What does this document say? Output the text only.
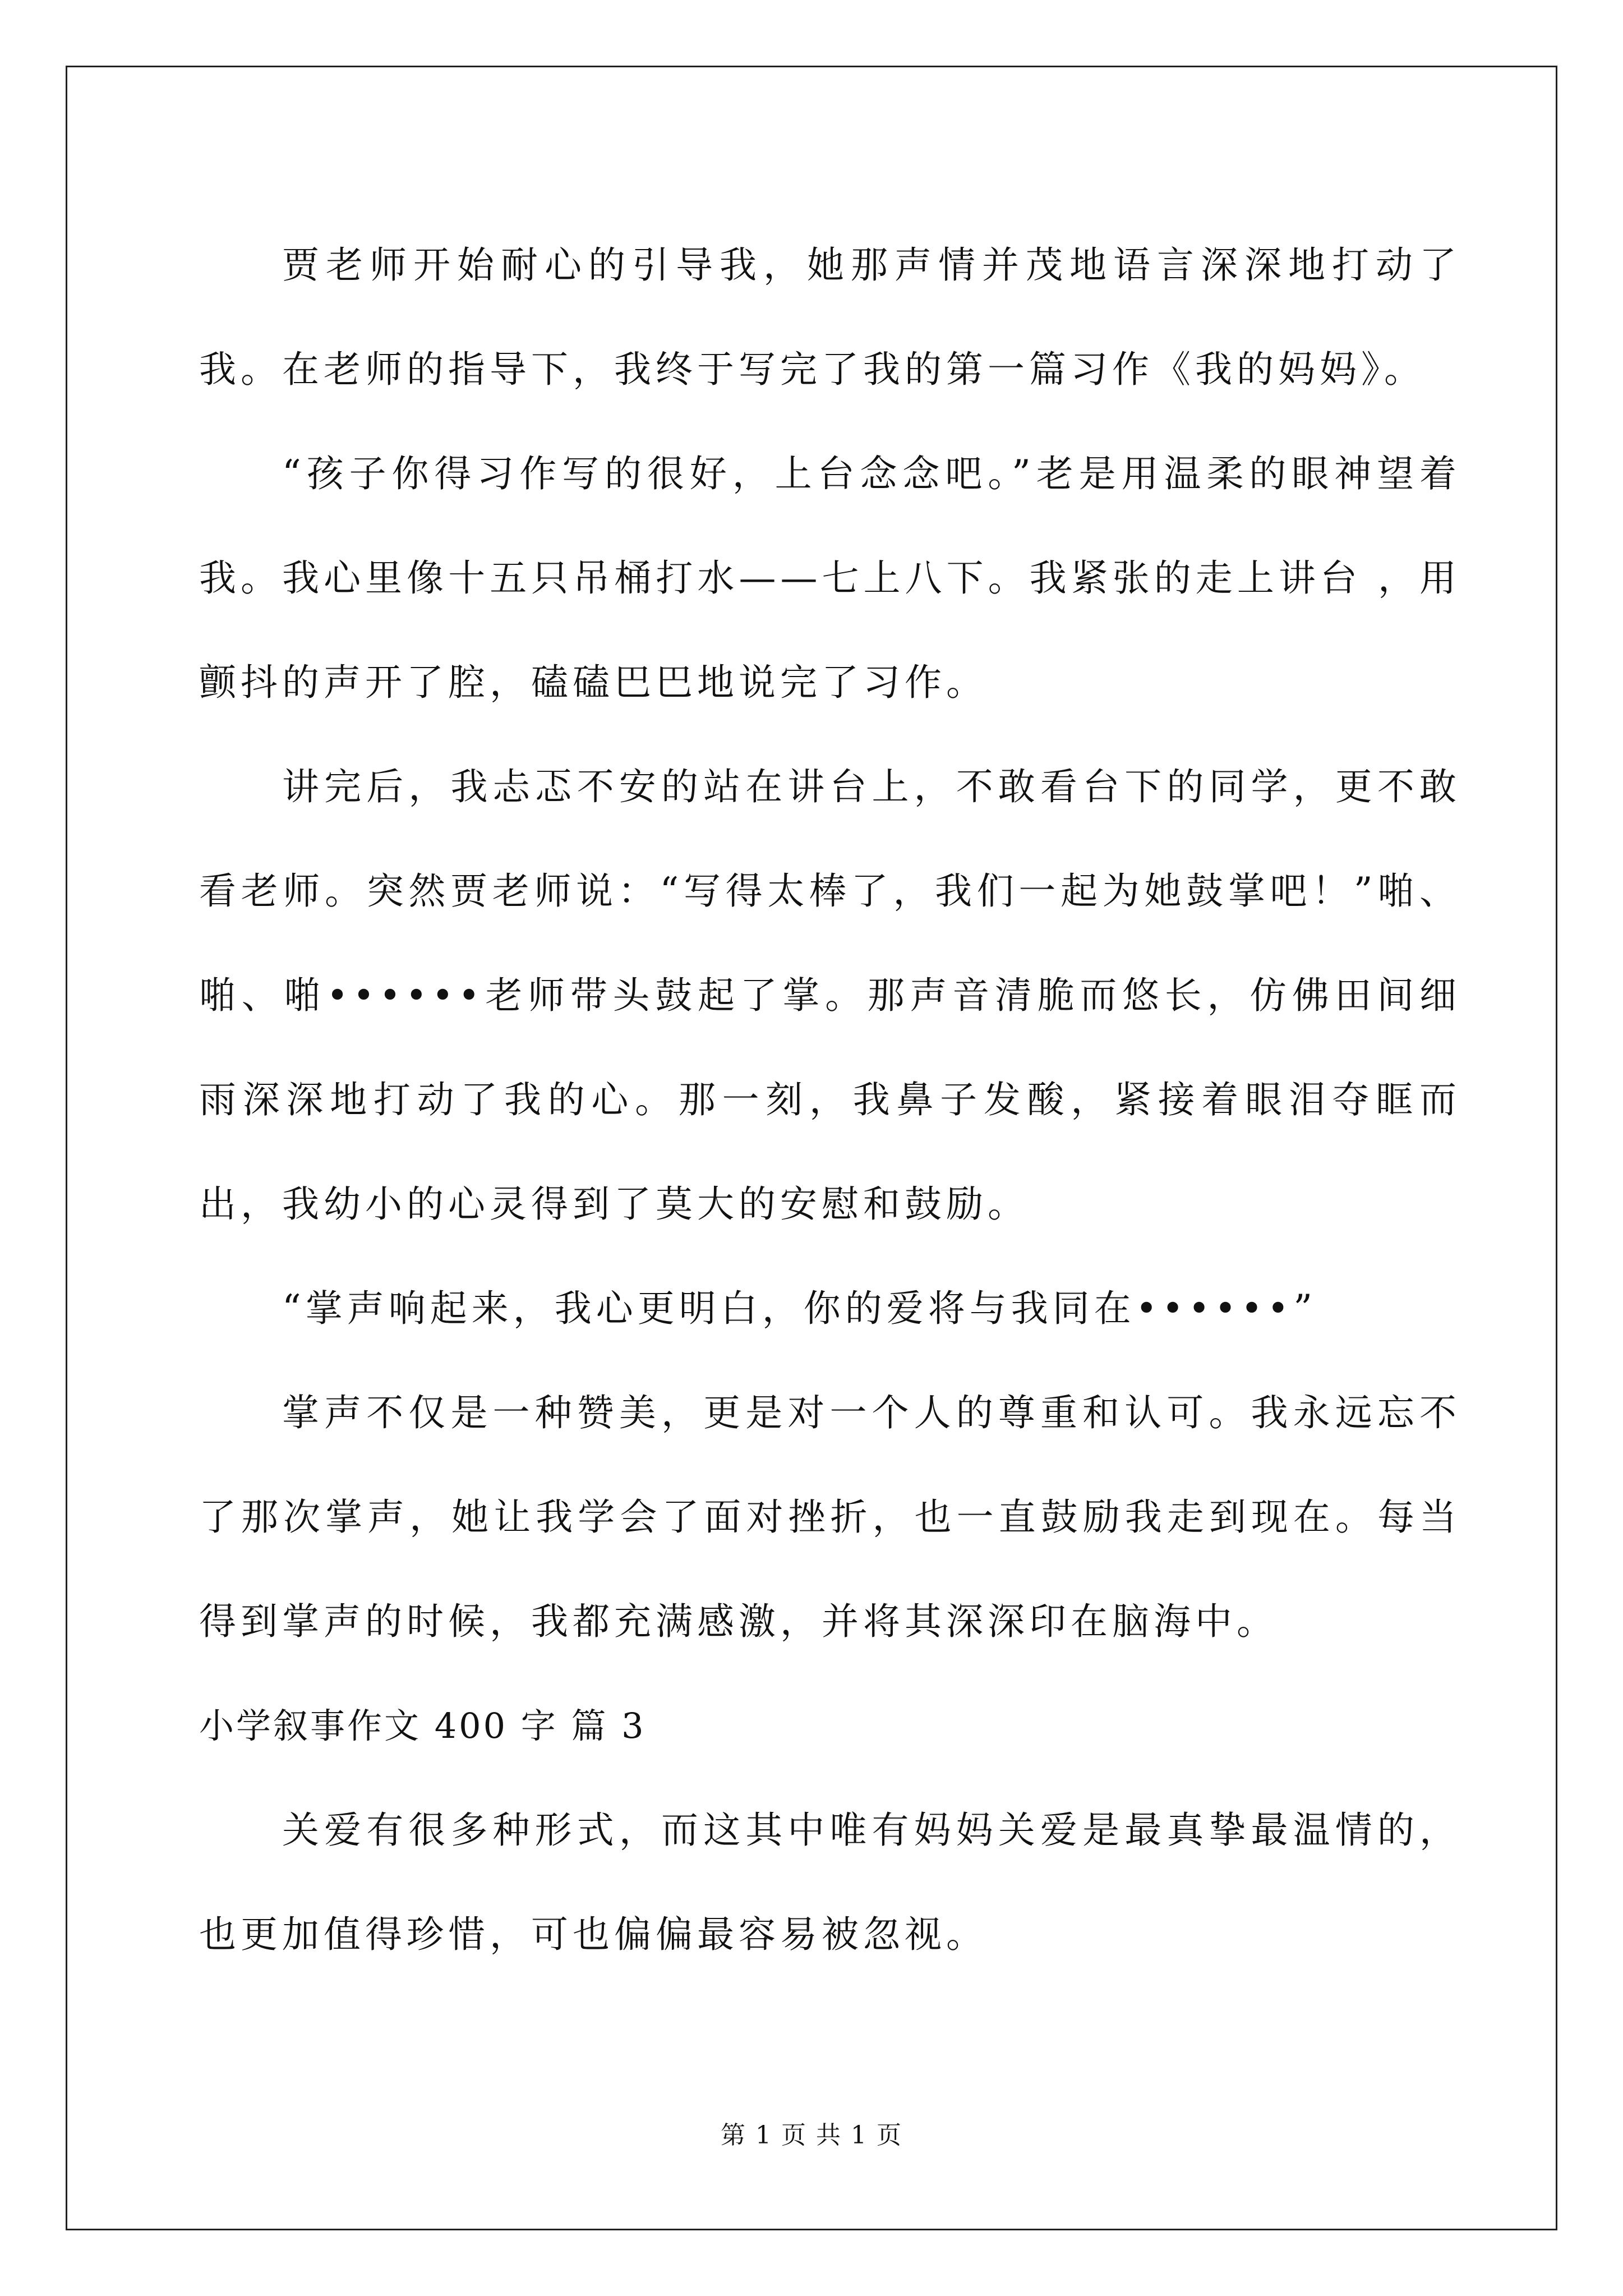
贾老师开始耐心的引导我，她那声情并茂地语言深深地打动了我。在老师的指导下，我终于写完了我的第一篇习作《我的妈妈》。

“孩子你得习作写的很好，上台念念吧。”老是用温柔的眼神望着我。我心里像十五只吊桶打水——七上八下。我紧张的走上讲台 ，用颤抖的声开了腔，磕磕巴巴地说完了习作。

讲完后，我忐忑不安的站在讲台上，不敢看台下的同学，更不敢看老师。突然贾老师说：“写得太棒了，我们一起为她鼓掌吧！”啪、啪、啪••••••老师带头鼓起了掌。那声音清脆而悠长，仿佛田间细雨深深地打动了我的心。那一刻，我鼻子发酸，紧接着眼泪夺眶而出，我幼小的心灵得到了莫大的安慰和鼓励。

“掌声响起来，我心更明白，你的爱将与我同在••••••”

掌声不仅是一种赞美，更是对一个人的尊重和认可。我永远忘不了那次掌声，她让我学会了面对挫折，也一直鼓励我走到现在。每当得到掌声的时候，我都充满感激，并将其深深印在脑海中。

小学叙事作文 400 字 篇 3

关爱有很多种形式，而这其中唯有妈妈关爱是最真挚最温情的，也更加值得珍惜，可也偏偏最容易被忽视。

第 1 页 共 1 页
